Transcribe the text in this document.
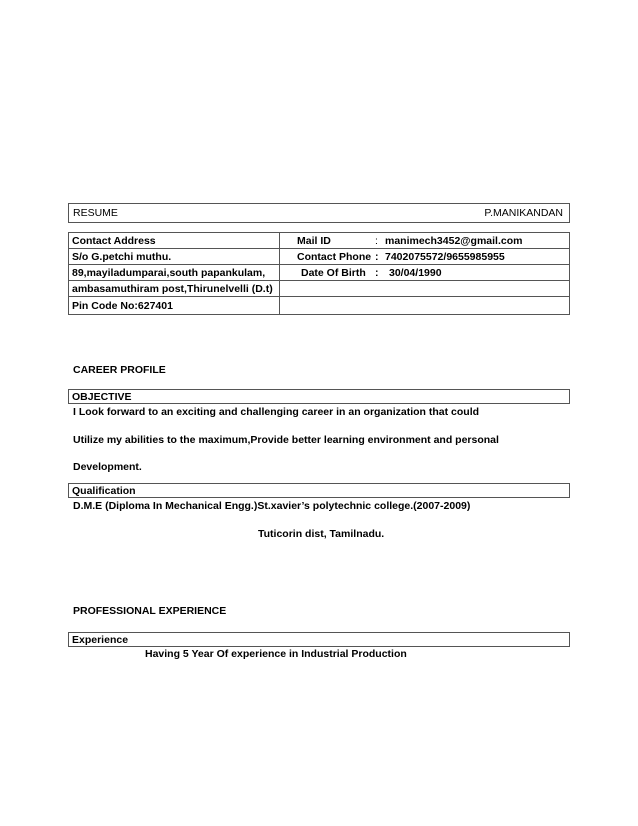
RESUME	P.MANIKANDAN
Contact Address	Mail ID : manimech3452@gmail.com
S/o G.petchi muthu.	Contact Phone : 7402075572/9655985955
89,mayiladumparai,south papankulam,	Date Of Birth : 30/04/1990
ambasamuthiram post,Thirunelvelli (D.t)	
Pin Code No:627401	
CAREER PROFILE
OBJECTIVE
I Look forward to an exciting and challenging career in an organization that could
Utilize my abilities to the maximum,Provide better learning environment and personal
Development.
Qualification
D.M.E (Diploma In Mechanical Engg.)St.xavier’s polytechnic college.(2007-2009)
Tuticorin dist, Tamilnadu.
PROFESSIONAL EXPERIENCE
Experience
Having 5 Year Of experience in Industrial Production
